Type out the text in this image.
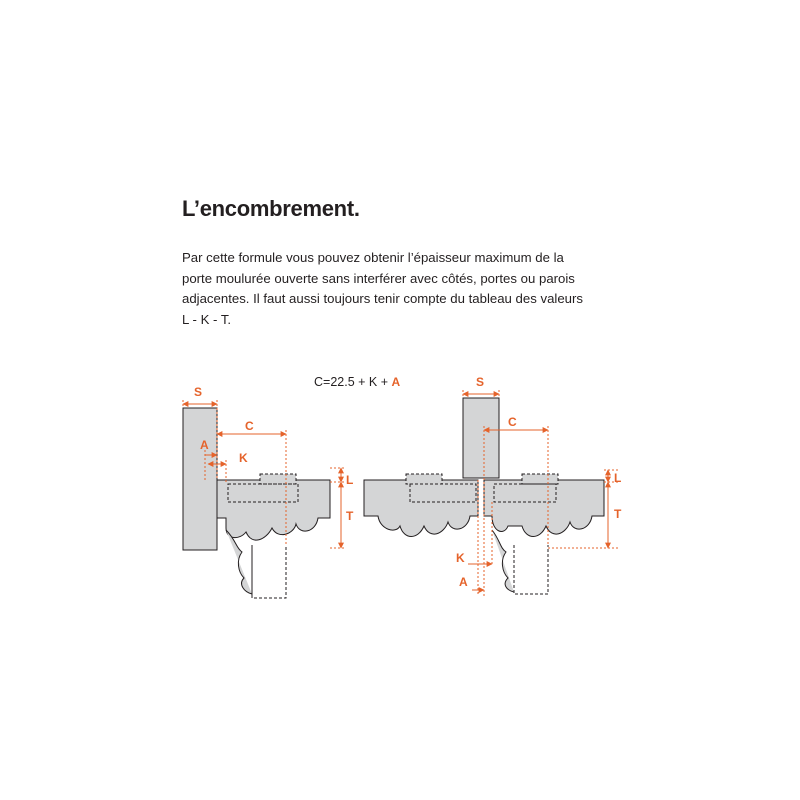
L’encombrement.

Par cette formule vous pouvez obtenir l’épaisseur maximum de la
porte moulurée ouverte sans interférer avec côtés, portes ou parois
adjacentes. Il faut aussi toujours tenir compte du tableau des valeurs
L - K - T.

C=22.5 + K + A
S
C
A
K
L
T
S
C
K
A
L
T
